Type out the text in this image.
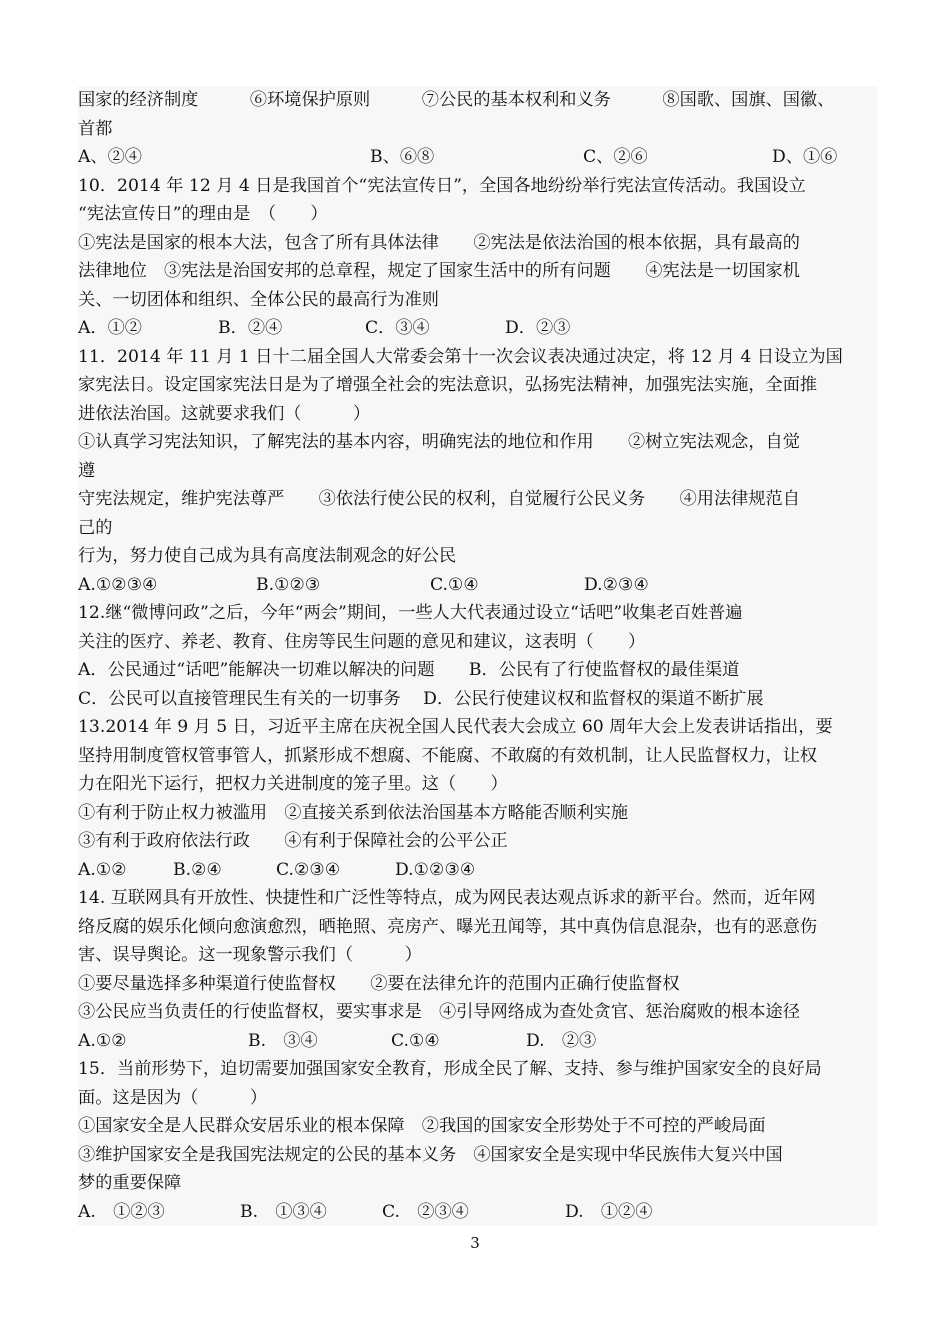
国家的经济制度　　　⑥环境保护原则　　　⑦公民的基本权利和义务　　　⑧国歌、国旗、国徽、
首都
A、②④	B、⑥⑧	C、②⑥	D、①⑥
10．2014 年 12 月 4 日是我国首个“宪法宣传日”，全国各地纷纷举行宪法宣传活动。我国设立
“宪法宣传日”的理由是　（　　）
①宪法是国家的根本大法，包含了所有具体法律　　②宪法是依法治国的根本依据，具有最高的
法律地位　③宪法是治国安邦的总章程，规定了国家生活中的所有问题　　④宪法是一切国家机
关、一切团体和组织、全体公民的最高行为准则
A．①②	B．②④	C．③④	D．②③
11．2014 年 11 月 1 日十二届全国人大常委会第十一次会议表决通过决定，将 12 月 4 日设立为国
家宪法日。设定国家宪法日是为了增强全社会的宪法意识，弘扬宪法精神，加强宪法实施，全面推
进依法治国。这就要求我们（　　　）
①认真学习宪法知识，了解宪法的基本内容，明确宪法的地位和作用　　②树立宪法观念，自觉
遵
守宪法规定，维护宪法尊严　　③依法行使公民的权利，自觉履行公民义务　　④用法律规范自
己的
行为，努力使自己成为具有高度法制观念的好公民
A.①②③④	B.①②③	C.①④	D.②③④
12.继“微博问政”之后，今年“两会”期间，一些人大代表通过设立“话吧”收集老百姓普遍
关注的医疗、养老、教育、住房等民生问题的意见和建议，这表明（　　）
A．公民通过“话吧”能解决一切难以解决的问题　　B．公民有了行使监督权的最佳渠道
C．公民可以直接管理民生有关的一切事务　 D．公民行使建议权和监督权的渠道不断扩展
13.2014 年 9 月 5 日，习近平主席在庆祝全国人民代表大会成立 60 周年大会上发表讲话指出，要
坚持用制度管权管事管人，抓紧形成不想腐、不能腐、不敢腐的有效机制，让人民监督权力，让权
力在阳光下运行，把权力关进制度的笼子里。这（　　）
①有利于防止权力被滥用　②直接关系到依法治国基本方略能否顺利实施
③有利于政府依法行政　　④有利于保障社会的公平公正
A.①②	B.②④	C.②③④	D.①②③④
14. 互联网具有开放性、快捷性和广泛性等特点，成为网民表达观点诉求的新平台。然而，近年网
络反腐的娱乐化倾向愈演愈烈，晒艳照、亮房产、曝光丑闻等，其中真伪信息混杂，也有的恶意伤
害、误导舆论。这一现象警示我们（　　　）
①要尽量选择多种渠道行使监督权　　②要在法律允许的范围内正确行使监督权
③公民应当负责任的行使监督权，要实事求是　④引导网络成为查处贪官、惩治腐败的根本途径
A.①②	B.　③④	C.①④	D.　②③
15．当前形势下，迫切需要加强国家安全教育，形成全民了解、支持、参与维护国家安全的良好局
面。这是因为（　　　）
①国家安全是人民群众安居乐业的根本保障　②我国的国家安全形势处于不可控的严峻局面
③维护国家安全是我国宪法规定的公民的基本义务　④国家安全是实现中华民族伟大复兴中国
梦的重要保障
A.　①②③	B.　①③④	C.　②③④	D.　①②④
3
